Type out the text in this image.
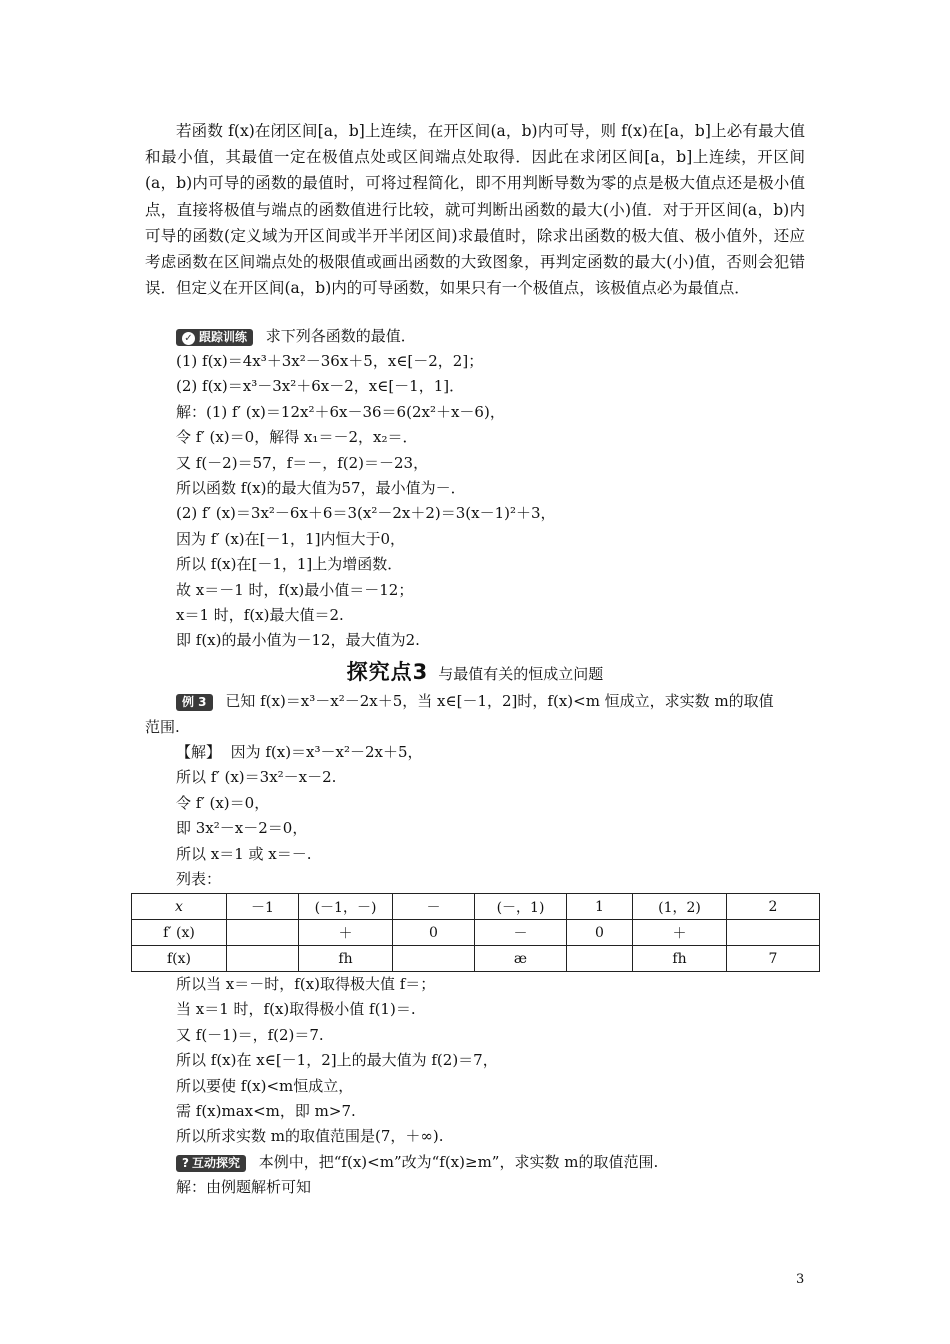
若函数 f(x)在闭区间[a，b]上连续，在开区间(a，b)内可导，则 f(x)在[a，b]上必有最大值和最小值，其最值一定在极值点处或区间端点处取得．因此在求闭区间[a，b]上连续，开区间(a，b)内可导的函数的最值时，可将过程简化，即不用判断导数为零的点是极大值点还是极小值点，直接将极值与端点的函数值进行比较，就可判断出函数的最大(小)值．对于开区间(a，b)内可导的函数(定义域为开区间或半开半闭区间)求最值时，除求出函数的极大值、极小值外，还应考虑函数在区间端点处的极限值或画出函数的大致图象，再判定函数的最大(小)值，否则会犯错误．但定义在开区间(a，b)内的可导函数，如果只有一个极值点，该极值点必为最值点．

✓ 跟踪训练 求下列各函数的最值．
(1) f(x)＝4x³＋3x²－36x＋5，x∈[－2，2]；
(2) f(x)＝x³－3x²＋6x－2，x∈[－1，1]．
解：(1) f′ (x)＝12x²＋6x－36＝6(2x²＋x－6)，
令 f′ (x)＝0，解得 x₁＝－2，x₂＝．
又 f(－2)＝57，f＝－，f(2)＝－23，
所以函数 f(x)的最大值为57，最小值为－．
(2) f′ (x)＝3x²－6x＋6＝3(x²－2x＋2)＝3(x－1)²＋3，
因为 f′ (x)在[－1，1]内恒大于0，
所以 f(x)在[－1，1]上为增函数．
故 x＝－1 时，f(x)最小值＝－12；
x＝1 时，f(x)最大值＝2.
即 f(x)的最小值为－12，最大值为2.
探究点3 与最值有关的恒成立问题
例 3 已知 f(x)＝x³－x²－2x＋5，当 x∈[－1，2]时，f(x)<m 恒成立，求实数 m的取值
范围.
【解】 因为 f(x)＝x³－x²－2x＋5，
所以 f′ (x)＝3x²－x－2.
令 f′ (x)＝0，
即 3x²－x－2＝0，
所以 x＝1 或 x＝－.
列表：
x	－1	(－1，－)	－	(－，1)	1	(1，2)	2
f′ (x)		＋	0	－	0	＋	
f(x)		fh		æ		fh	7
所以当 x＝－时，f(x)取得极大值 f＝；
当 x＝1 时，f(x)取得极小值 f(1)＝.
又 f(－1)＝，f(2)＝7.
所以 f(x)在 x∈[－1，2]上的最大值为 f(2)＝7，
所以要使 f(x)<m恒成立，
需 f(x)max<m，即 m>7.
所以所求实数 m的取值范围是(7，＋∞).
? 互动探究 本例中，把“f(x)<m”改为“f(x)≥m”，求实数 m的取值范围.
解：由例题解析可知
3
